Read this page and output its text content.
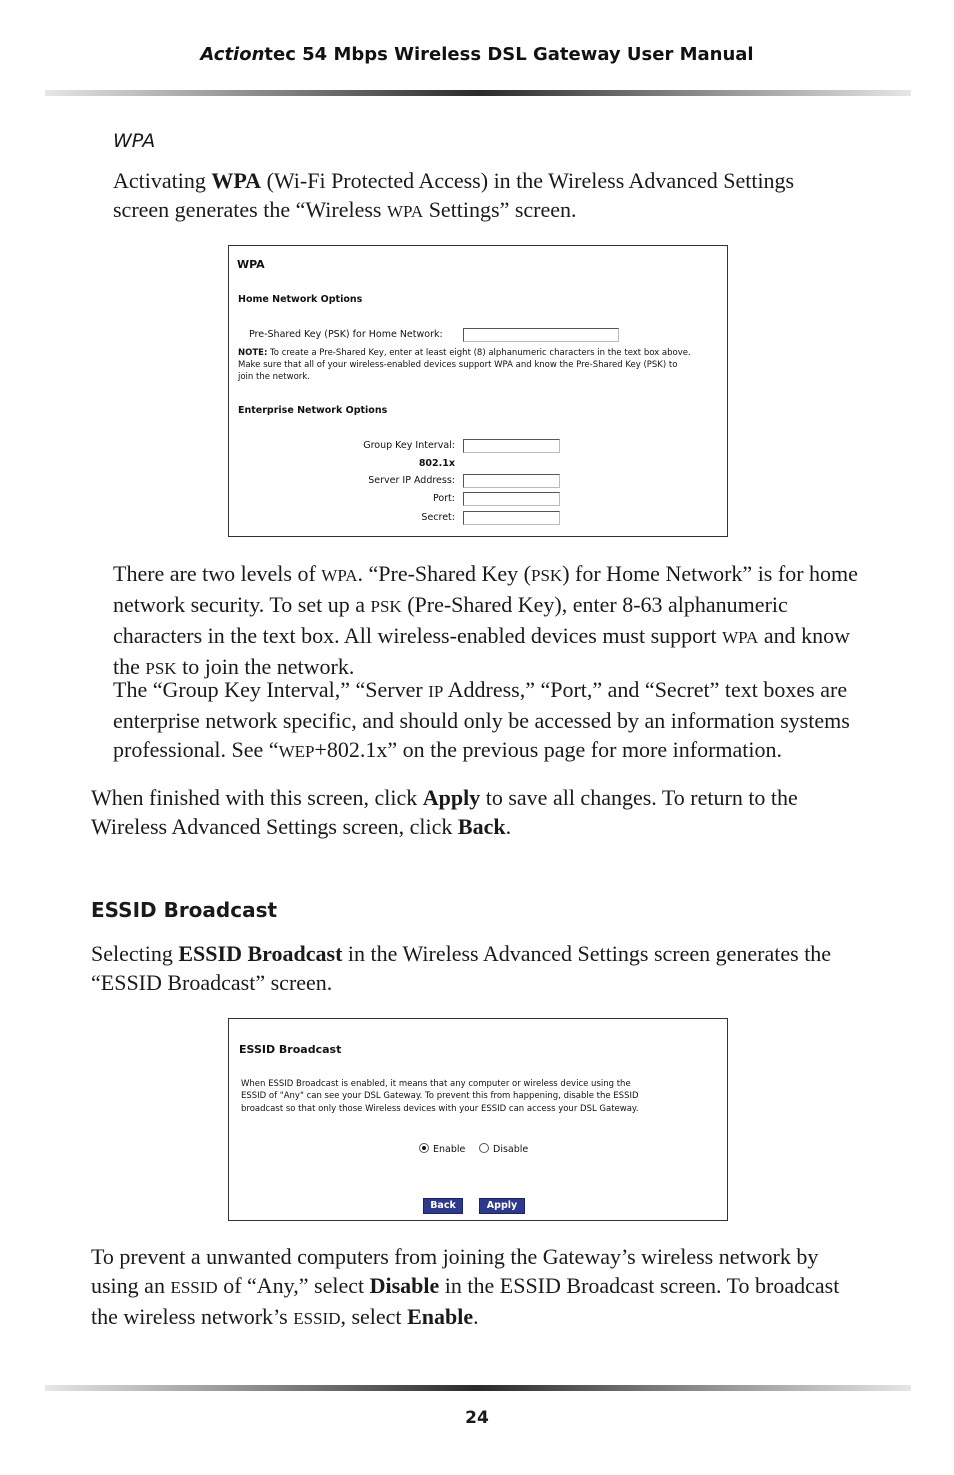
Actiontec 54 Mbps Wireless DSL Gateway User Manual
WPA

Activating WPA (Wi-Fi Protected Access) in the Wireless Advanced Settings screen generates the “Wireless WPA Settings” screen.

WPA
Home Network Options
Pre-Shared Key (PSK) for Home Network:
NOTE: To create a Pre-Shared Key, enter at least eight (8) alphanumeric characters in the text box above.
Make sure that all of your wireless-enabled devices support WPA and know the Pre-Shared Key (PSK) to
join the network.
Enterprise Network Options
Group Key Interval:
802.1x
Server IP Address:
Port:
Secret:

There are two levels of WPA. “Pre-Shared Key (PSK) for Home Network” is for home network security. To set up a PSK (Pre-Shared Key), enter 8-63 alphanumeric characters in the text box. All wireless-enabled devices must support WPA and know the PSK to join the network.

The “Group Key Interval,” “Server IP Address,” “Port,” and “Secret” text boxes are enterprise network specific, and should only be accessed by an information systems professional. See “WEP+802.1x” on the previous page for more information.

When finished with this screen, click Apply to save all changes. To return to the Wireless Advanced Settings screen, click Back.

ESSID Broadcast

Selecting ESSID Broadcast in the Wireless Advanced Settings screen generates the “ESSID Broadcast” screen.

ESSID Broadcast
When ESSID Broadcast is enabled, it means that any computer or wireless device using the
ESSID of "Any" can see your DSL Gateway. To prevent this from happening, disable the ESSID
broadcast so that only those Wireless devices with your ESSID can access your DSL Gateway.
Enable	Disable
Back	Apply

To prevent a unwanted computers from joining the Gateway’s wireless network by using an ESSID of “Any,” select Disable in the ESSID Broadcast screen. To broadcast the wireless network’s ESSID, select Enable.

24
